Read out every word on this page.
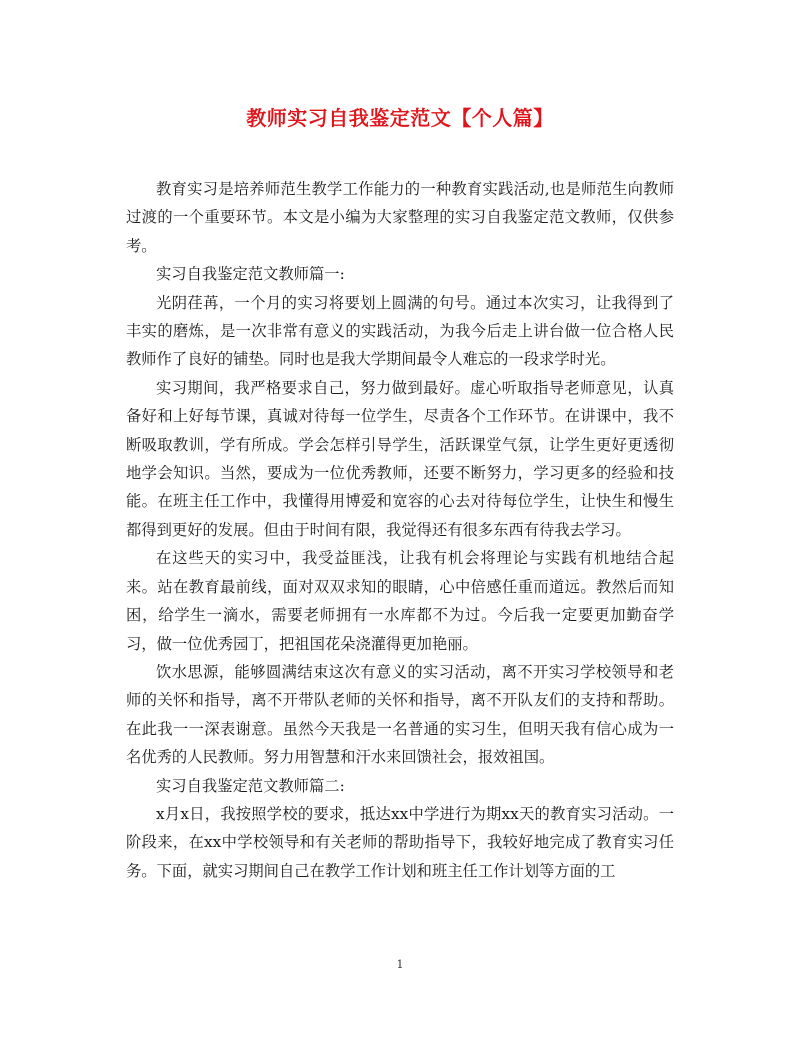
教师实习自我鉴定范文【个人篇】

教育实习是培养师范生教学工作能力的一种教育实践活动,也是师范生向教师过渡的一个重要环节。本文是小编为大家整理的实习自我鉴定范文教师，仅供参考。

实习自我鉴定范文教师篇一:

光阴荏苒，一个月的实习将要划上圆满的句号。通过本次实习，让我得到了丰实的磨炼，是一次非常有意义的实践活动，为我今后走上讲台做一位合格人民教师作了良好的铺垫。同时也是我大学期间最令人难忘的一段求学时光。

实习期间，我严格要求自己，努力做到最好。虚心听取指导老师意见，认真备好和上好每节课，真诚对待每一位学生，尽责各个工作环节。在讲课中，我不断吸取教训，学有所成。学会怎样引导学生，活跃课堂气氛，让学生更好更透彻地学会知识。当然，要成为一位优秀教师，还要不断努力，学习更多的经验和技能。在班主任工作中，我懂得用博爱和宽容的心去对待每位学生，让快生和慢生都得到更好的发展。但由于时间有限，我觉得还有很多东西有待我去学习。

在这些天的实习中，我受益匪浅，让我有机会将理论与实践有机地结合起来。站在教育最前线，面对双双求知的眼睛，心中倍感任重而道远。教然后而知困，给学生一滴水，需要老师拥有一水库都不为过。今后我一定要更加勤奋学习，做一位优秀园丁，把祖国花朵浇灌得更加艳丽。

饮水思源，能够圆满结束这次有意义的实习活动，离不开实习学校领导和老师的关怀和指导，离不开带队老师的关怀和指导，离不开队友们的支持和帮助。在此我一一深表谢意。虽然今天我是一名普通的实习生，但明天我有信心成为一名优秀的人民教师。努力用智慧和汗水来回馈社会，报效祖国。

实习自我鉴定范文教师篇二:

x月x日，我按照学校的要求，抵达xx中学进行为期xx天的教育实习活动。一阶段来，在xx中学校领导和有关老师的帮助指导下，我较好地完成了教育实习任务。下面，就实习期间自己在教学工作计划和班主任工作计划等方面的工

1
